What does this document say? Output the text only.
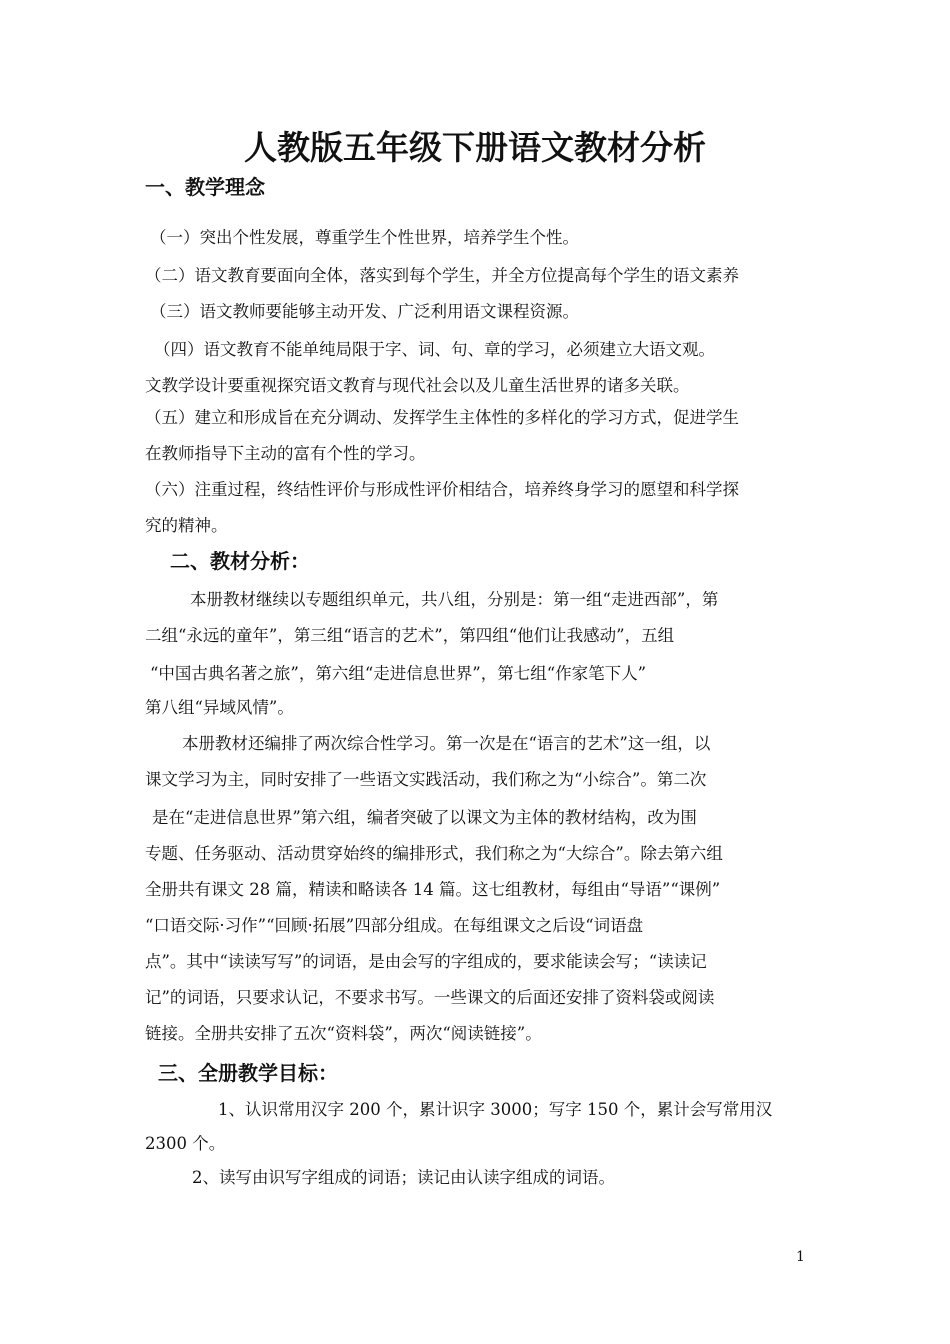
人教版五年级下册语文教材分析
一、教学理念
（一）突出个性发展，尊重学生个性世界，培养学生个性。
（二）语文教育要面向全体，落实到每个学生，并全方位提高每个学生的语文素养
（三）语文教师要能够主动开发、广泛利用语文课程资源。
（四）语文教育不能单纯局限于字、词、句、章的学习，必须建立大语文观。
文教学设计要重视探究语文教育与现代社会以及儿童生活世界的诸多关联。
（五）建立和形成旨在充分调动、发挥学生主体性的多样化的学习方式，促进学生
在教师指导下主动的富有个性的学习。
（六）注重过程，终结性评价与形成性评价相结合，培养终身学习的愿望和科学探
究的精神。
二、教材分析：
本册教材继续以专题组织单元，共八组，分别是：第一组“走进西部”，第
二组“永远的童年”，第三组“语言的艺术”，第四组“他们让我感动”，五组
“中国古典名著之旅”，第六组“走进信息世界”，第七组“作家笔下人”
第八组“异域风情”。
本册教材还编排了两次综合性学习。第一次是在“语言的艺术”这一组，以
课文学习为主，同时安排了一些语文实践活动，我们称之为“小综合”。第二次
是在“走进信息世界”第六组，编者突破了以课文为主体的教材结构，改为围
专题、任务驱动、活动贯穿始终的编排形式，我们称之为“大综合”。除去第六组
全册共有课文 28 篇，精读和略读各 14 篇。这七组教材，每组由“导语”“课例”
“口语交际·习作”“回顾·拓展”四部分组成。在每组课文之后设“词语盘
点”。其中“读读写写”的词语，是由会写的字组成的，要求能读会写；“读读记
记”的词语，只要求认记，不要求书写。一些课文的后面还安排了资料袋或阅读
链接。全册共安排了五次“资料袋”，两次“阅读链接”。
三、全册教学目标：
1、认识常用汉字 200 个，累计识字 3000；写字 150 个，累计会写常用汉
2300 个。
2、读写由识写字组成的词语；读记由认读字组成的词语。
1
